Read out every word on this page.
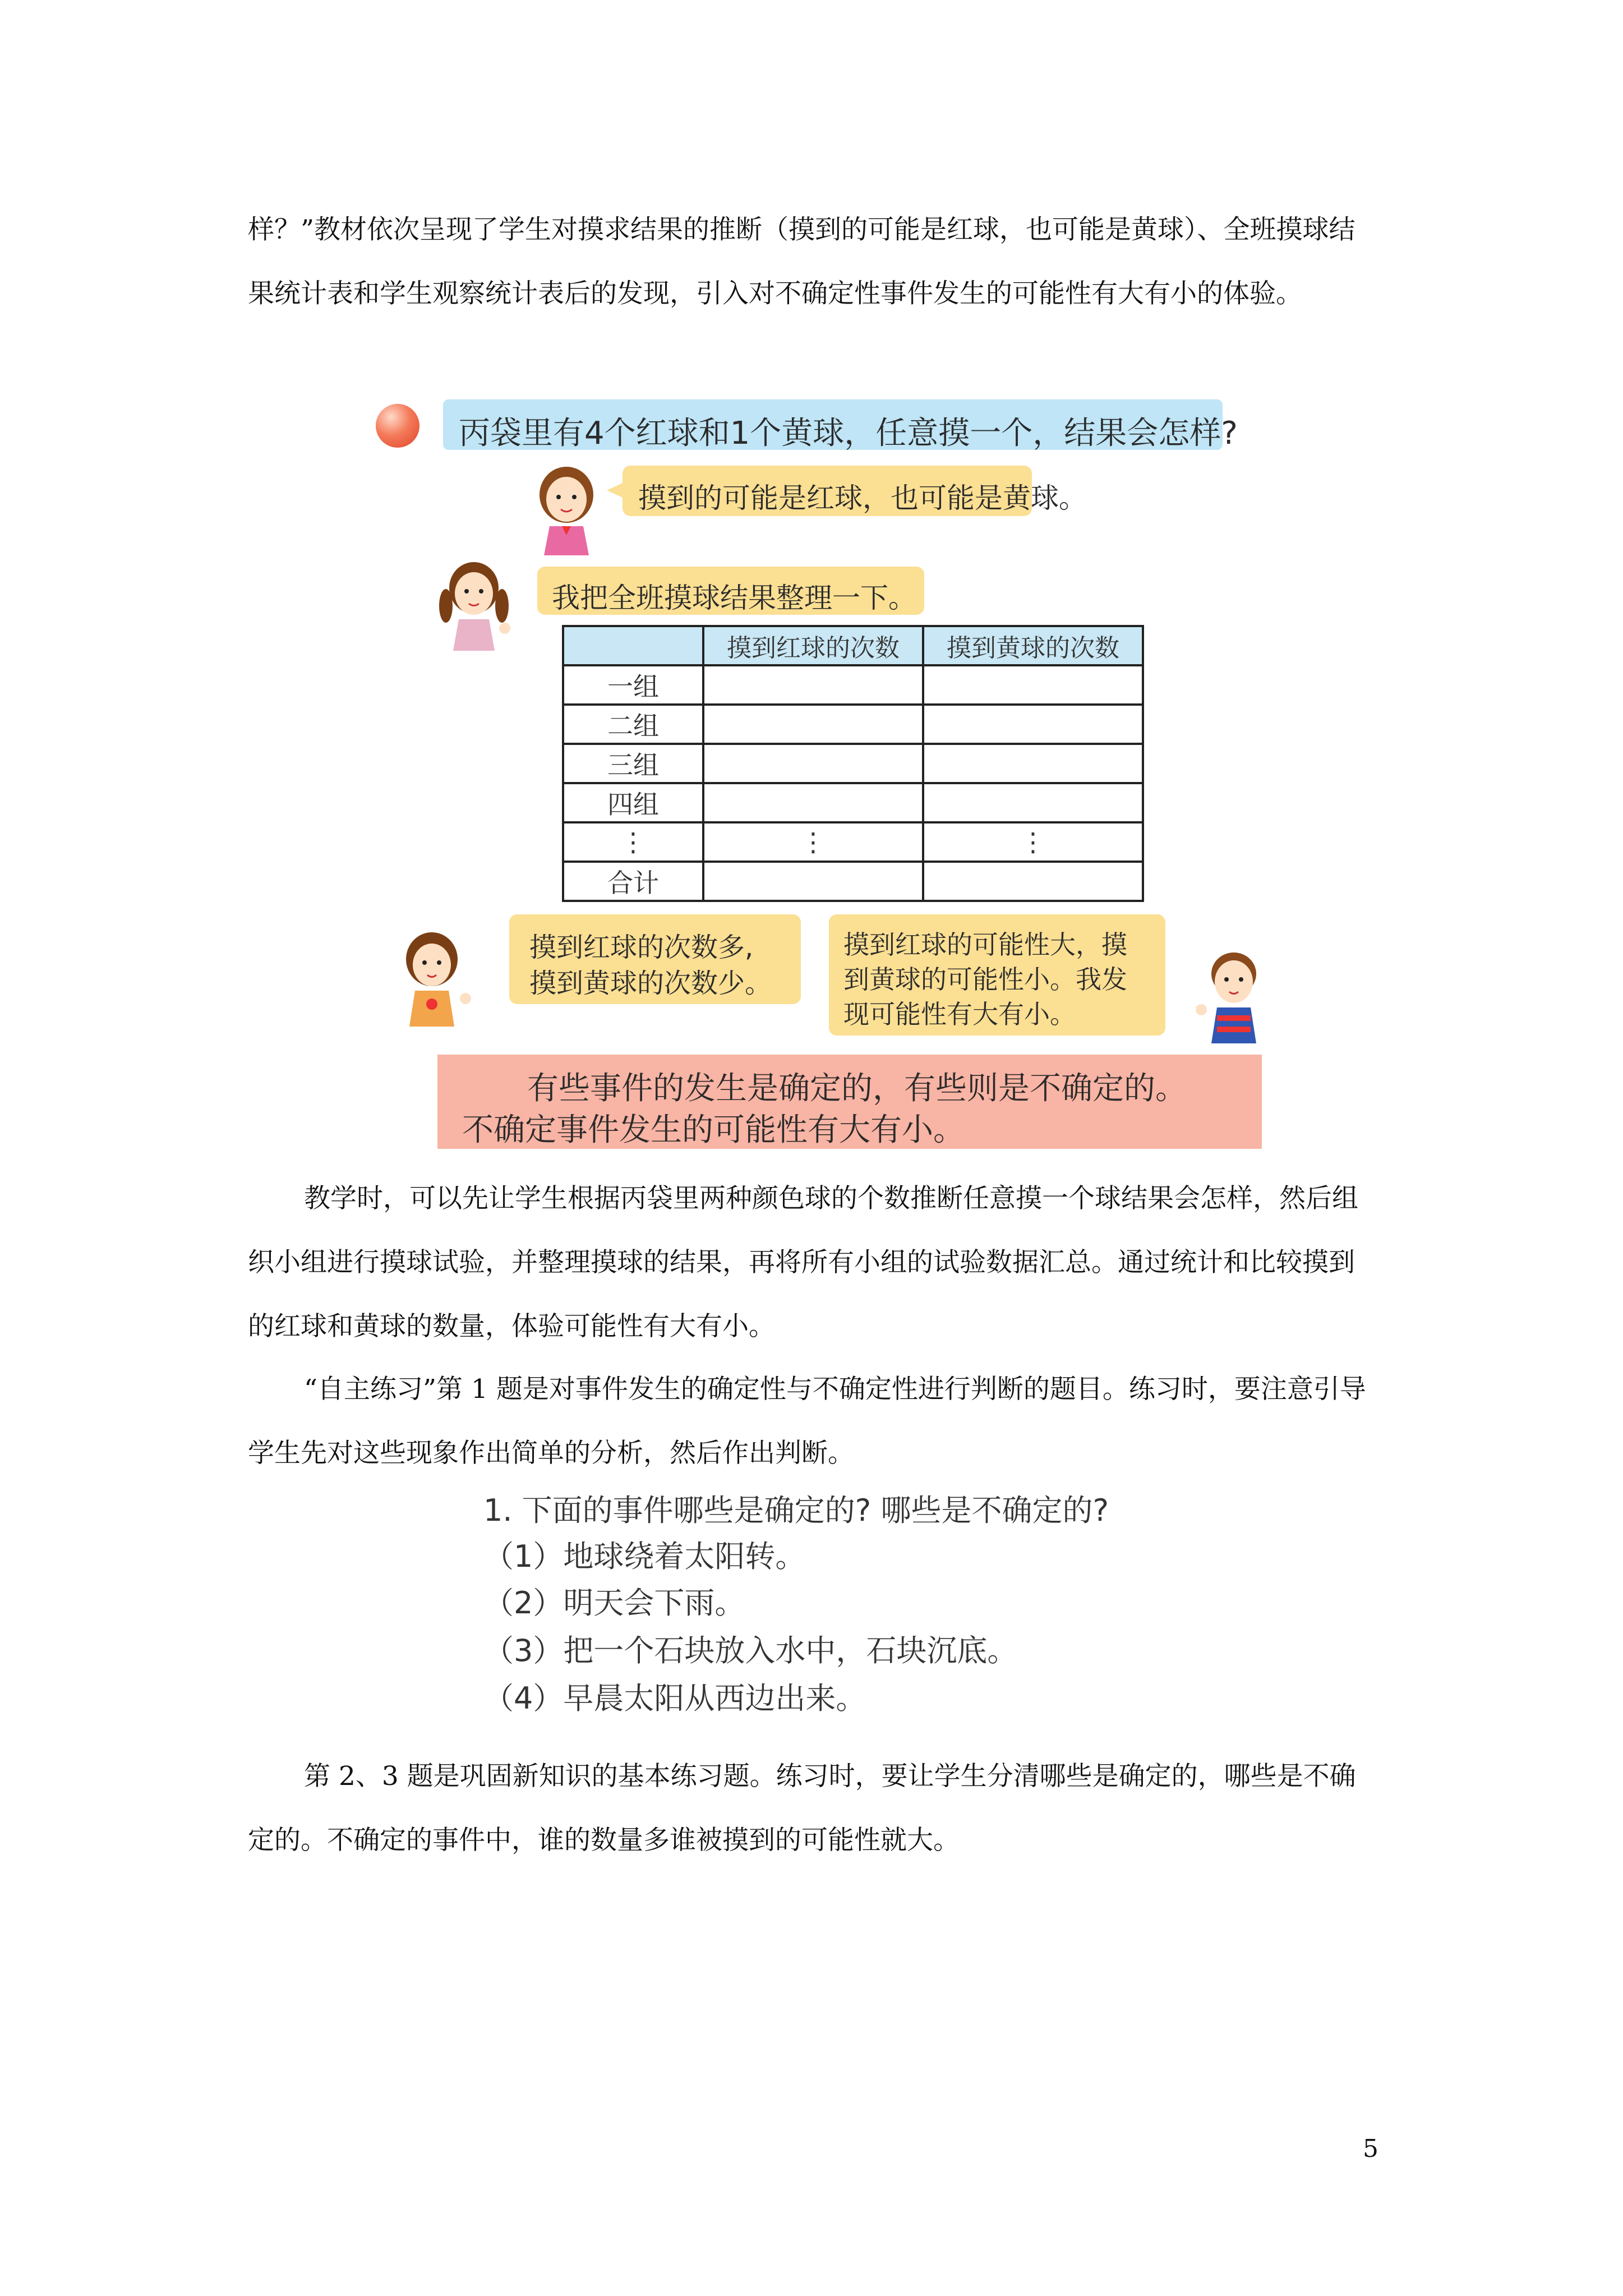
样？”教材依次呈现了学生对摸求结果的推断（摸到的可能是红球，也可能是黄球）、全班摸球结果统计表和学生观察统计表后的发现，引入对不确定性事件发生的可能性有大有小的体验。

丙袋里有4个红球和1个黄球，任意摸一个，结果会怎样?
摸到的可能是红球，也可能是黄球。
我把全班摸球结果整理一下。
	摸到红球的次数	摸到黄球的次数
一组		
二组		
三组		
四组		
⋮	⋮	⋮
合计		
摸到红球的次数多,
摸到黄球的次数少。
摸到红球的可能性大，摸
到黄球的可能性小。我发
现可能性有大有小。
有些事件的发生是确定的，有些则是不确定的。
不确定事件发生的可能性有大有小。

教学时，可以先让学生根据丙袋里两种颜色球的个数推断任意摸一个球结果会怎样，然后组织小组进行摸球试验，并整理摸球的结果，再将所有小组的试验数据汇总。通过统计和比较摸到的红球和黄球的数量，体验可能性有大有小。

“自主练习”第 1 题是对事件发生的确定性与不确定性进行判断的题目。练习时，要注意引导学生先对这些现象作出简单的分析，然后作出判断。

1. 下面的事件哪些是确定的? 哪些是不确定的?
（1）地球绕着太阳转。
（2）明天会下雨。
（3）把一个石块放入水中，石块沉底。
（4）早晨太阳从西边出来。

第 2、3 题是巩固新知识的基本练习题。练习时，要让学生分清哪些是确定的，哪些是不确定的。不确定的事件中，谁的数量多谁被摸到的可能性就大。

5
